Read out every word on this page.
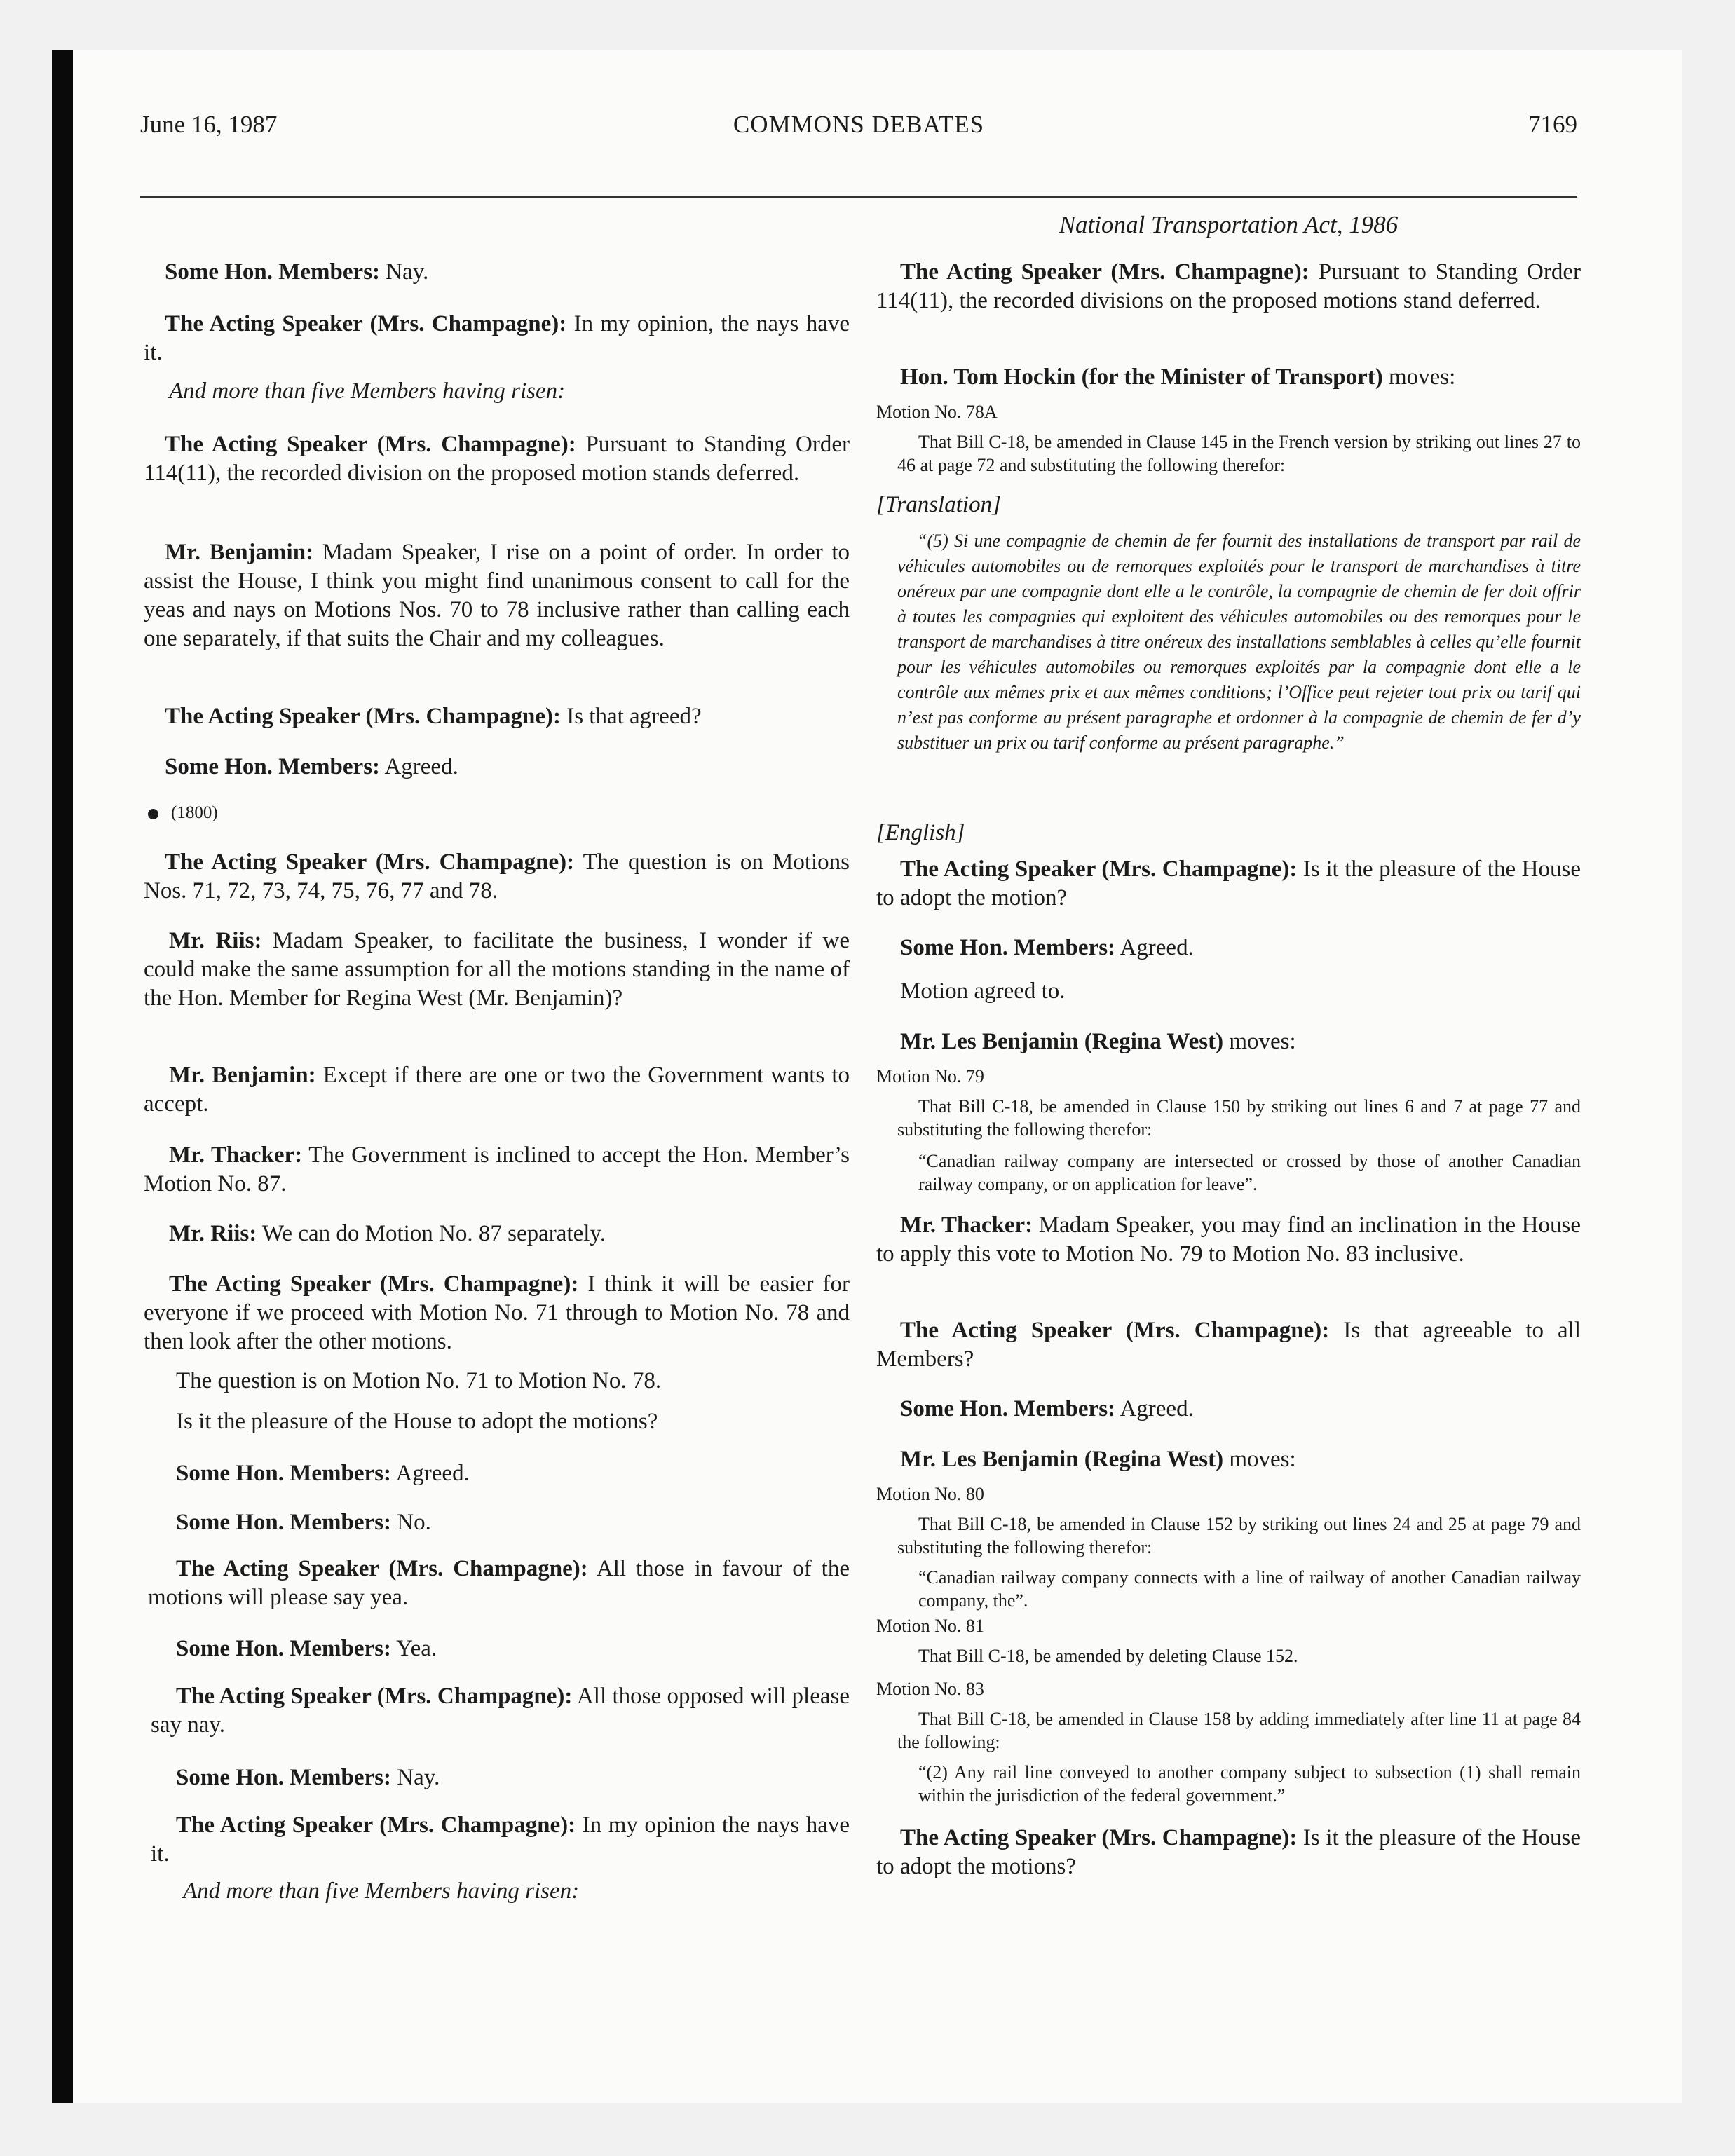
June 16, 1987	COMMONS DEBATES	7169

Some Hon. Members: Nay.

The Acting Speaker (Mrs. Champagne): In my opinion, the nays have it.

And more than five Members having risen:

The Acting Speaker (Mrs. Champagne): Pursuant to Standing Order 114(11), the recorded division on the proposed motion stands deferred.

Mr. Benjamin: Madam Speaker, I rise on a point of order. In order to assist the House, I think you might find unanimous consent to call for the yeas and nays on Motions Nos. 70 to 78 inclusive rather than calling each one separately, if that suits the Chair and my colleagues.

The Acting Speaker (Mrs. Champagne): Is that agreed?

Some Hon. Members: Agreed.

(1800)

The Acting Speaker (Mrs. Champagne): The question is on Motions Nos. 71, 72, 73, 74, 75, 76, 77 and 78.

Mr. Riis: Madam Speaker, to facilitate the business, I wonder if we could make the same assumption for all the motions standing in the name of the Hon. Member for Regina West (Mr. Benjamin)?

Mr. Benjamin: Except if there are one or two the Government wants to accept.

Mr. Thacker: The Government is inclined to accept the Hon. Member’s Motion No. 87.

Mr. Riis: We can do Motion No. 87 separately.

The Acting Speaker (Mrs. Champagne): I think it will be easier for everyone if we proceed with Motion No. 71 through to Motion No. 78 and then look after the other motions.

The question is on Motion No. 71 to Motion No. 78.

Is it the pleasure of the House to adopt the motions?

Some Hon. Members: Agreed.

Some Hon. Members: No.

The Acting Speaker (Mrs. Champagne): All those in favour of the motions will please say yea.

Some Hon. Members: Yea.

The Acting Speaker (Mrs. Champagne): All those opposed will please say nay.

Some Hon. Members: Nay.

The Acting Speaker (Mrs. Champagne): In my opinion the nays have it.

And more than five Members having risen:

National Transportation Act, 1986

The Acting Speaker (Mrs. Champagne): Pursuant to Standing Order 114(11), the recorded divisions on the proposed motions stand deferred.

Hon. Tom Hockin (for the Minister of Transport) moves:

Motion No. 78A

That Bill C-18, be amended in Clause 145 in the French version by striking out lines 27 to 46 at page 72 and substituting the following therefor:

[Translation]

“(5) Si une compagnie de chemin de fer fournit des installations de transport par rail de véhicules automobiles ou de remorques exploités pour le transport de marchandises à titre onéreux par une compagnie dont elle a le contrôle, la compagnie de chemin de fer doit offrir à toutes les compagnies qui exploitent des véhicules automobiles ou des remorques pour le transport de marchandises à titre onéreux des installations semblables à celles qu’elle fournit pour les véhicules automobiles ou remorques exploités par la compagnie dont elle a le contrôle aux mêmes prix et aux mêmes conditions; l’Office peut rejeter tout prix ou tarif qui n’est pas conforme au présent paragraphe et ordonner à la compagnie de chemin de fer d’y substituer un prix ou tarif conforme au présent paragraphe.”

[English]

The Acting Speaker (Mrs. Champagne): Is it the pleasure of the House to adopt the motion?

Some Hon. Members: Agreed.

Motion agreed to.

Mr. Les Benjamin (Regina West) moves:

Motion No. 79

That Bill C-18, be amended in Clause 150 by striking out lines 6 and 7 at page 77 and substituting the following therefor:

“Canadian railway company are intersected or crossed by those of another Canadian railway company, or on application for leave”.

Mr. Thacker: Madam Speaker, you may find an inclination in the House to apply this vote to Motion No. 79 to Motion No. 83 inclusive.

The Acting Speaker (Mrs. Champagne): Is that agreeable to all Members?

Some Hon. Members: Agreed.

Mr. Les Benjamin (Regina West) moves:

Motion No. 80

That Bill C-18, be amended in Clause 152 by striking out lines 24 and 25 at page 79 and substituting the following therefor:

“Canadian railway company connects with a line of railway of another Canadian railway company, the”.

Motion No. 81

That Bill C-18, be amended by deleting Clause 152.

Motion No. 83

That Bill C-18, be amended in Clause 158 by adding immediately after line 11 at page 84 the following:

“(2) Any rail line conveyed to another company subject to subsection (1) shall remain within the jurisdiction of the federal government.”

The Acting Speaker (Mrs. Champagne): Is it the pleasure of the House to adopt the motions?
